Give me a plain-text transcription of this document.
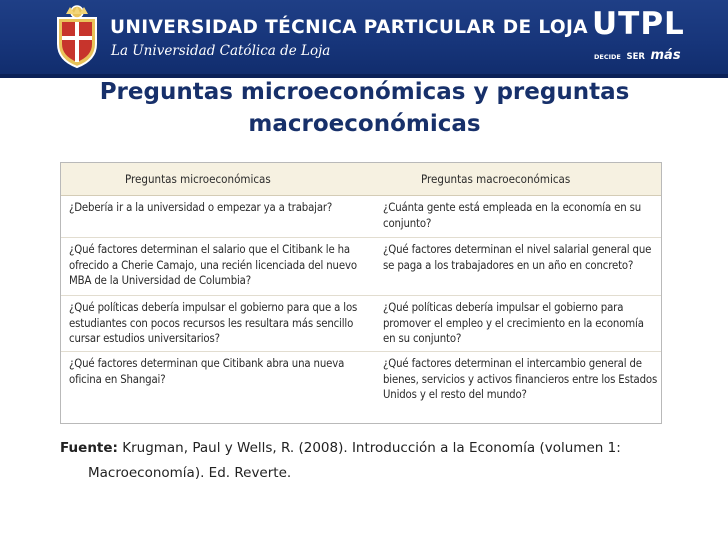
UNIVERSIDAD TÉCNICA PARTICULAR DE LOJA
La Universidad Católica de Loja
UTPL
DECIDE SER más
Preguntas microeconómicas y preguntas
macroeconómicas
Preguntas microeconómicas	Preguntas macroeconómicas
¿Debería ir a la universidad o empezar ya a trabajar?	¿Cuánta gente está empleada en la economía en su conjunto?
¿Qué factores determinan el salario que el Citibank le ha ofrecido a Cherie Camajo, una recién licenciada del nuevo MBA de la Universidad de Columbia?
¿Qué factores determinan el nivel salarial general que se paga a los trabajadores en un año en concreto?
¿Qué políticas debería impulsar el gobierno para que a los estudiantes con pocos recursos les resultara más sencillo cursar estudios universitarios?
¿Qué políticas debería impulsar el gobierno para promover el empleo y el crecimiento en la economía en su conjunto?
¿Qué factores determinan que Citibank abra una nueva oficina en Shangai?
¿Qué factores determinan el intercambio general de bienes, servicios y activos financieros entre los Estados Unidos y el resto del mundo?
Fuente: Krugman, Paul y Wells, R. (2008). Introducción a la Economía (volumen 1: Macroeconomía). Ed. Reverte.
